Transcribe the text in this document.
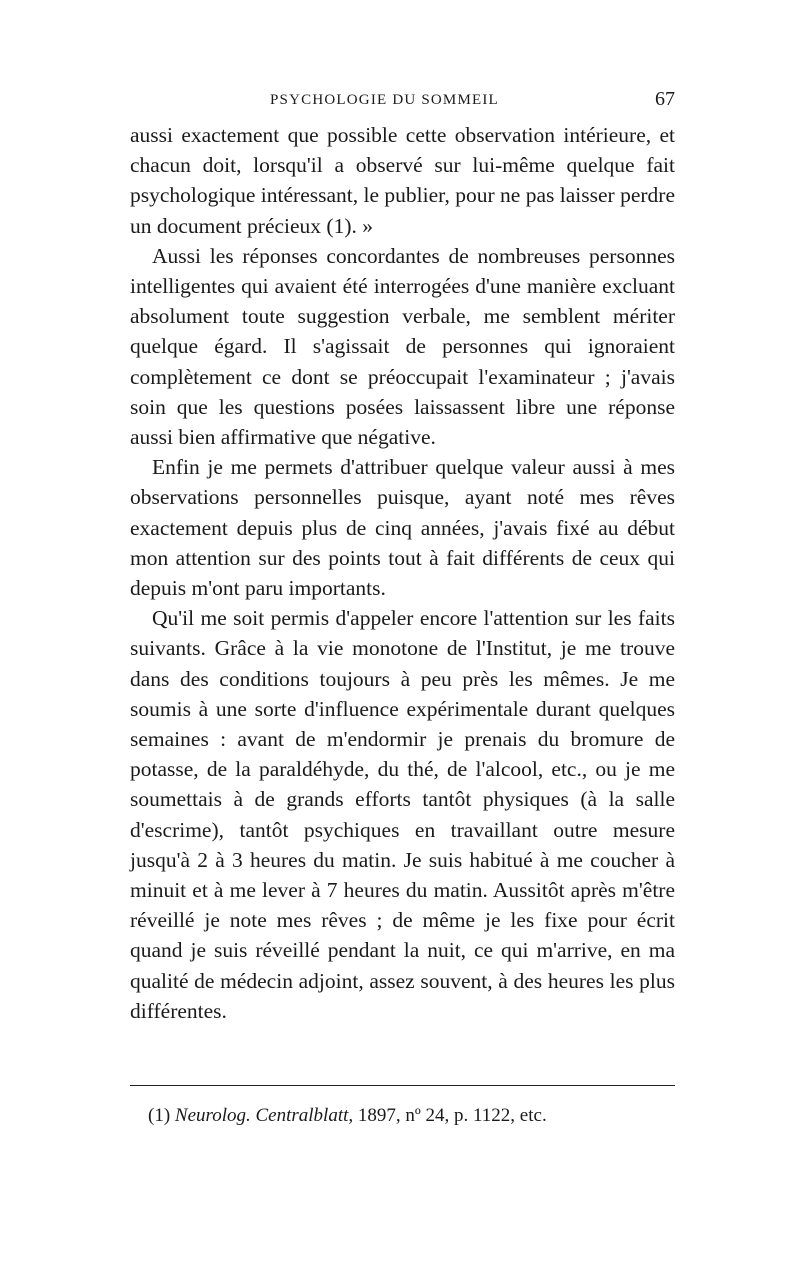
PSYCHOLOGIE DU SOMMEIL	67

aussi exactement que possible cette observation intérieure, et chacun doit, lorsqu'il a observé sur lui-même quelque fait psychologique intéressant, le publier, pour ne pas laisser perdre un document précieux (1). »

Aussi les réponses concordantes de nombreuses personnes intelligentes qui avaient été interrogées d'une manière excluant absolument toute suggestion verbale, me semblent mériter quelque égard. Il s'agissait de personnes qui ignoraient complètement ce dont se préoccupait l'examinateur ; j'avais soin que les questions posées laissassent libre une réponse aussi bien affirmative que négative.

Enfin je me permets d'attribuer quelque valeur aussi à mes observations personnelles puisque, ayant noté mes rêves exactement depuis plus de cinq années, j'avais fixé au début mon attention sur des points tout à fait différents de ceux qui depuis m'ont paru importants.

Qu'il me soit permis d'appeler encore l'attention sur les faits suivants. Grâce à la vie monotone de l'Institut, je me trouve dans des conditions toujours à peu près les mêmes. Je me soumis à une sorte d'influence expérimentale durant quelques semaines : avant de m'endormir je prenais du bromure de potasse, de la paraldéhyde, du thé, de l'alcool, etc., ou je me soumettais à de grands efforts tantôt physiques (à la salle d'escrime), tantôt psychiques en travaillant outre mesure jusqu'à 2 à 3 heures du matin. Je suis habitué à me coucher à minuit et à me lever à 7 heures du matin. Aussitôt après m'être réveillé je note mes rêves ; de même je les fixe pour écrit quand je suis réveillé pendant la nuit, ce qui m'arrive, en ma qualité de médecin adjoint, assez souvent, à des heures les plus différentes.

(1) Neurolog. Centralblatt, 1897, nº 24, p. 1122, etc.
